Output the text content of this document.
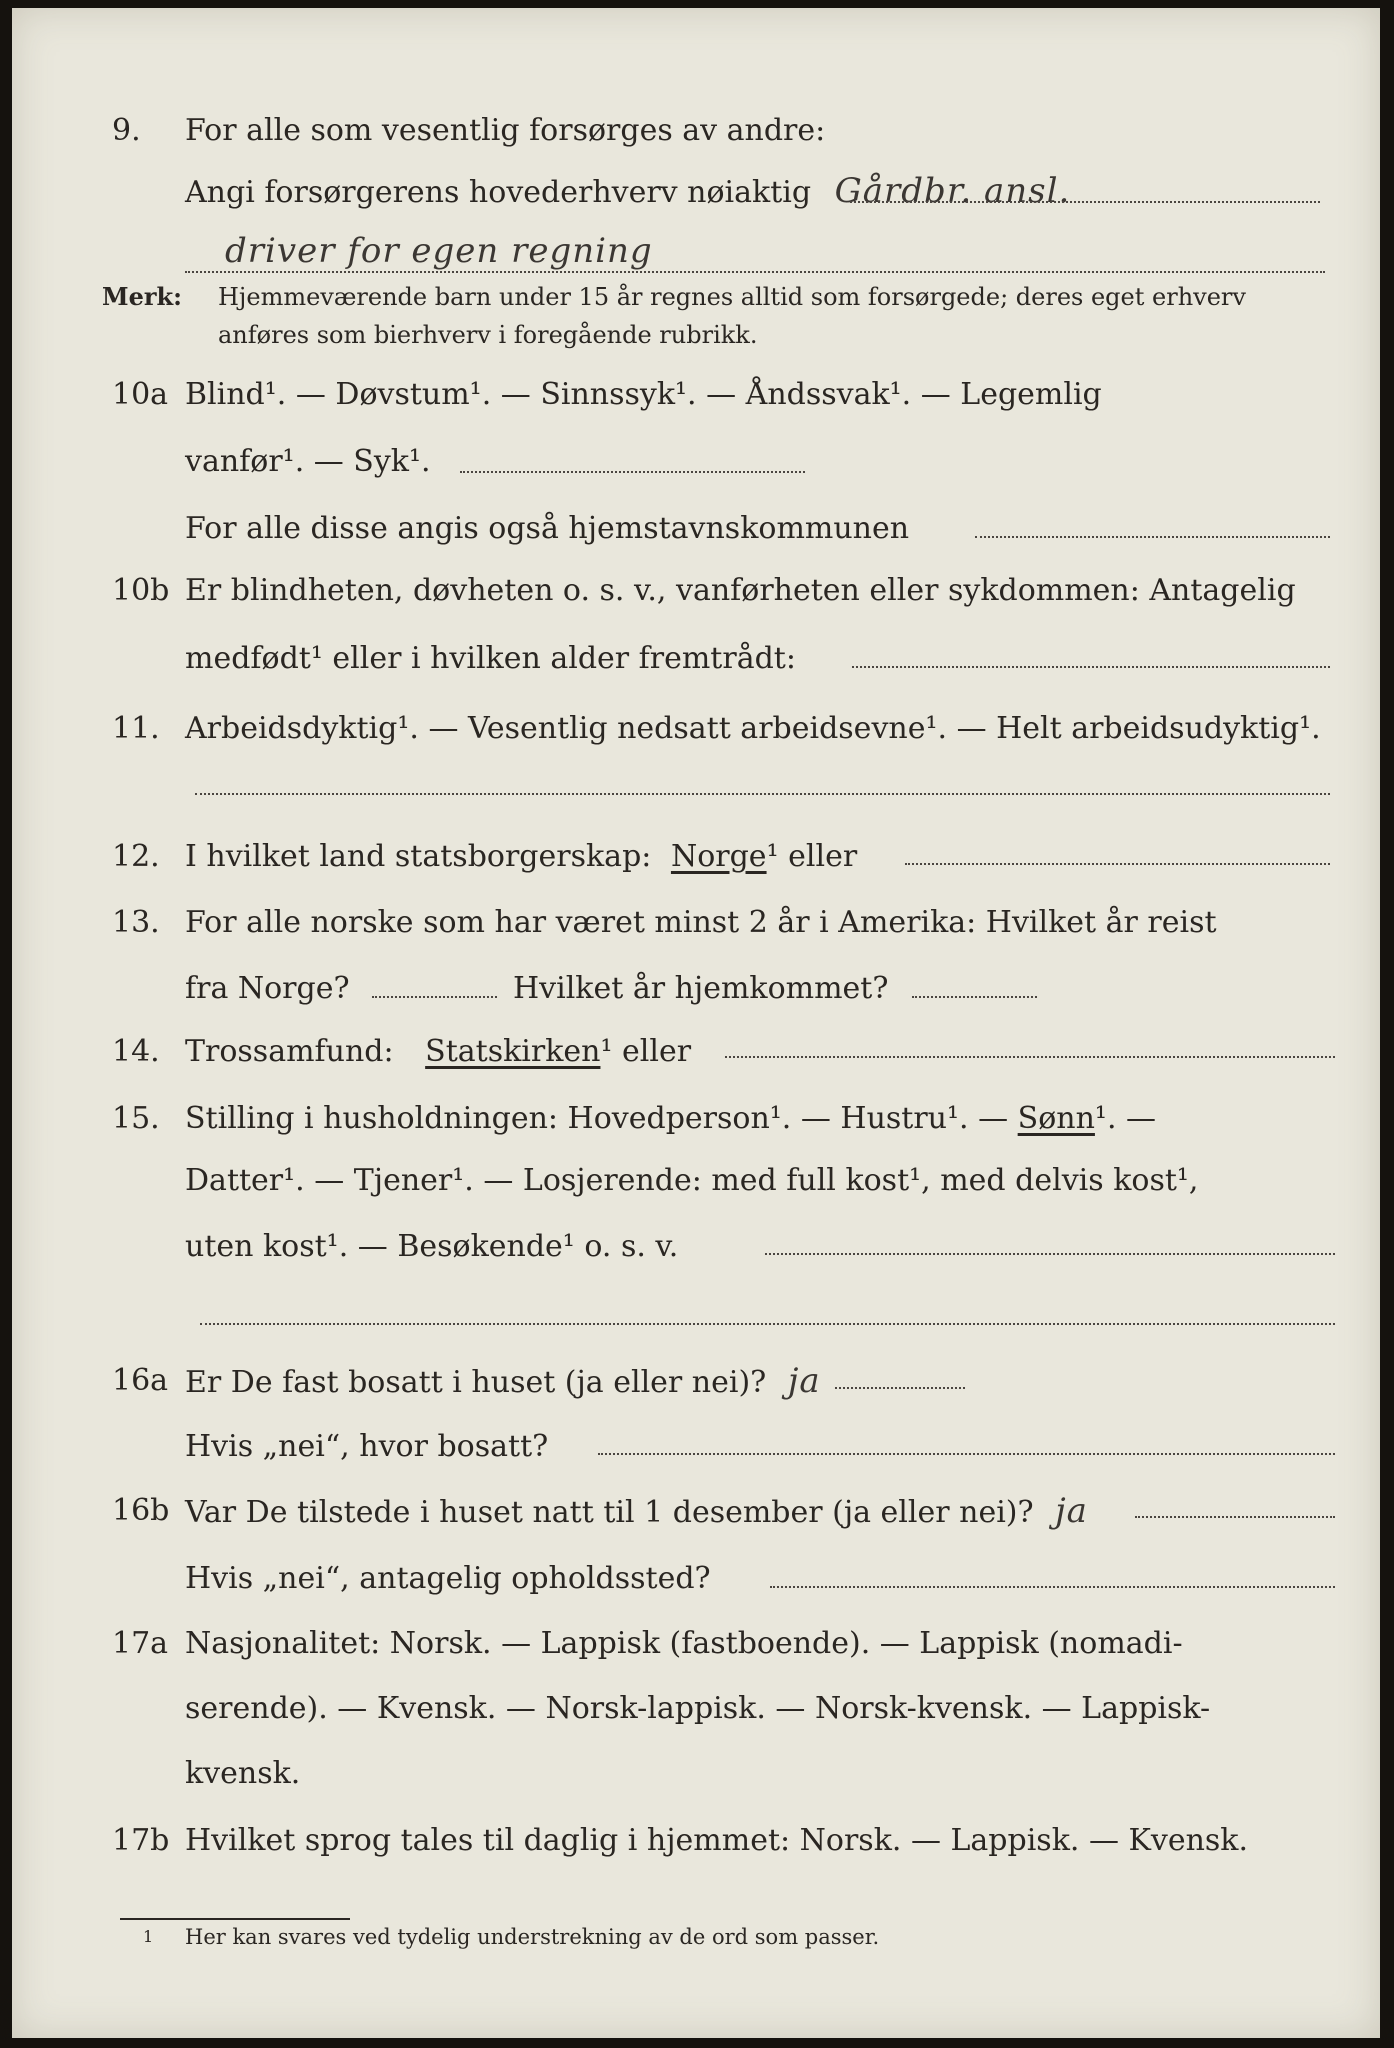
9. For alle som vesentlig forsørges av andre:
Angi forsørgerens hovederhverv nøiaktig Gårdbr. ansl.
driver for egen regning
Merk: Hjemmeværende barn under 15 år regnes alltid som forsørgede; deres eget erhverv
anføres som bierhverv i foregående rubrikk.
10a Blind¹. — Døvstum¹. — Sinnssyk¹. — Åndssvak¹. — Legemlig
vanfør¹. — Syk¹.
For alle disse angis også hjemstavnskommunen
10b Er blindheten, døvheten o. s. v., vanførheten eller sykdommen: Antagelig
medfødt¹ eller i hvilken alder fremtrådt:
11. Arbeidsdyktig¹. — Vesentlig nedsatt arbeidsevne¹. — Helt arbeidsudyktig¹.
12. I hvilket land statsborgerskap: Norge¹ eller
13. For alle norske som har været minst 2 år i Amerika: Hvilket år reist
fra Norge?	Hvilket år hjemkommet?
14. Trossamfund: Statskirken¹ eller
15. Stilling i husholdningen: Hovedperson¹. — Hustru¹. — Sønn¹. —
Datter¹. — Tjener¹. — Losjerende: med full kost¹, med delvis kost¹,
uten kost¹. — Besøkende¹ o. s. v.
16a Er De fast bosatt i huset (ja eller nei)? ja
Hvis „nei“, hvor bosatt?
16b Var De tilstede i huset natt til 1 desember (ja eller nei)? ja
Hvis „nei“, antagelig opholdssted?
17a Nasjonalitet: Norsk. — Lappisk (fastboende). — Lappisk (nomadi-
serende). — Kvensk. — Norsk-lappisk. — Norsk-kvensk. — Lappisk-
kvensk.
17b Hvilket sprog tales til daglig i hjemmet: Norsk. — Lappisk. — Kvensk.
1 Her kan svares ved tydelig understrekning av de ord som passer.
